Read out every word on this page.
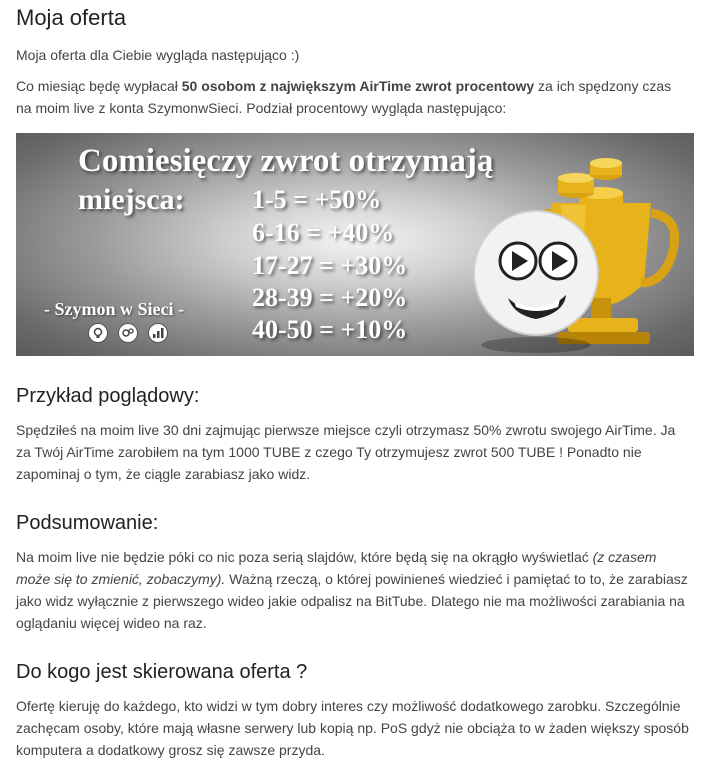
Moja oferta

Moja oferta dla Ciebie wygląda następująco :)

Co miesiąc będę wypłacał 50 osobom z największym AirTime zwrot procentowy za ich spędzony czas na moim live z konta SzymonwSieci. Podział procentowy wygląda następująco:

Comiesięczy zwrot otrzymają
miejsca:	1-5 = +50%
6-16 = +40%
17-27 = +30%
28-39 = +20%
40-50 = +10%
- Szymon w Sieci -
Przykład poglądowy:

Spędziłeś na moim live 30 dni zajmując pierwsze miejsce czyli otrzymasz 50% zwrotu swojego AirTime. Ja za Twój AirTime zarobiłem na tym 1000 TUBE z czego Ty otrzymujesz zwrot 500 TUBE ! Ponadto nie zapominaj o tym, że ciągle zarabiasz jako widz.

Podsumowanie:

Na moim live nie będzie póki co nic poza serią slajdów, które będą się na okrągło wyświetlać (z czasem może się to zmienić, zobaczymy). Ważną rzeczą, o której powinieneś wiedzieć i pamiętać to to, że zarabiasz jako widz wyłącznie z pierwszego wideo jakie odpalisz na BitTube. Dlatego nie ma możliwości zarabiania na oglądaniu więcej wideo na raz.

Do kogo jest skierowana oferta ?

Ofertę kieruję do każdego, kto widzi w tym dobry interes czy możliwość dodatkowego zarobku. Szczególnie zachęcam osoby, które mają własne serwery lub kopią np. PoS gdyż nie obciąża to w żaden większy sposób komputera a dodatkowy grosz się zawsze przyda.
